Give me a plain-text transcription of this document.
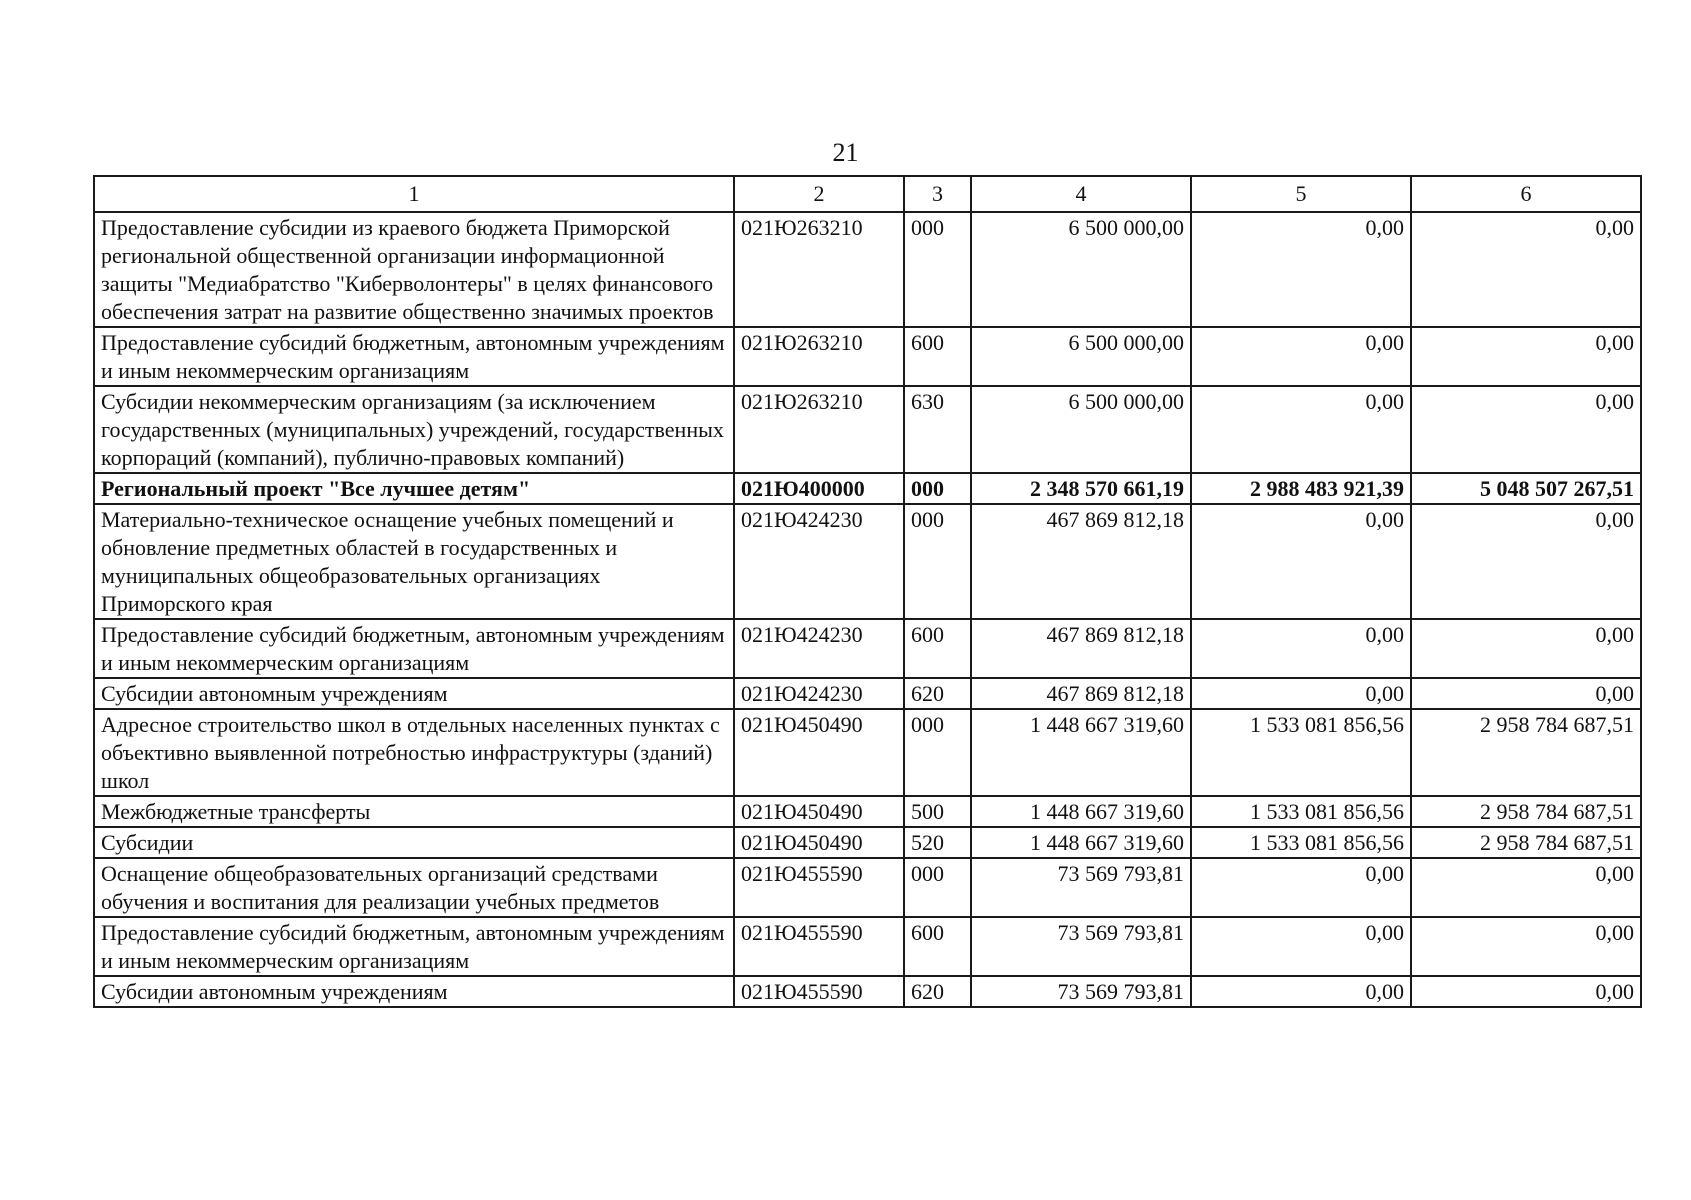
21
1	2	3	4	5	6
Предоставление субсидии из краевого бюджета Приморской региональной общественной организации информационной защиты "Медиабратство "Киберволонтеры" в целях финансового обеспечения затрат на развитие общественно значимых проектов	021Ю263210	000	6 500 000,00	0,00	0,00
Предоставление субсидий бюджетным, автономным учреждениям и иным некоммерческим организациям	021Ю263210	600	6 500 000,00	0,00	0,00
Субсидии некоммерческим организациям (за исключением государственных (муниципальных) учреждений, государственных корпораций (компаний), публично-правовых компаний)	021Ю263210	630	6 500 000,00	0,00	0,00
Региональный проект "Все лучшее детям"	021Ю400000	000	2 348 570 661,19	2 988 483 921,39	5 048 507 267,51
Материально-техническое оснащение учебных помещений и обновление предметных областей в государственных и муниципальных общеобразовательных организациях Приморского края	021Ю424230	000	467 869 812,18	0,00	0,00
Предоставление субсидий бюджетным, автономным учреждениям и иным некоммерческим организациям	021Ю424230	600	467 869 812,18	0,00	0,00
Субсидии автономным учреждениям	021Ю424230	620	467 869 812,18	0,00	0,00
Адресное строительство школ в отдельных населенных пунктах с объективно выявленной потребностью инфраструктуры (зданий) школ	021Ю450490	000	1 448 667 319,60	1 533 081 856,56	2 958 784 687,51
Межбюджетные трансферты	021Ю450490	500	1 448 667 319,60	1 533 081 856,56	2 958 784 687,51
Субсидии	021Ю450490	520	1 448 667 319,60	1 533 081 856,56	2 958 784 687,51
Оснащение общеобразовательных организаций средствами обучения и воспитания для реализации учебных предметов	021Ю455590	000	73 569 793,81	0,00	0,00
Предоставление субсидий бюджетным, автономным учреждениям и иным некоммерческим организациям	021Ю455590	600	73 569 793,81	0,00	0,00
Субсидии автономным учреждениям	021Ю455590	620	73 569 793,81	0,00	0,00
